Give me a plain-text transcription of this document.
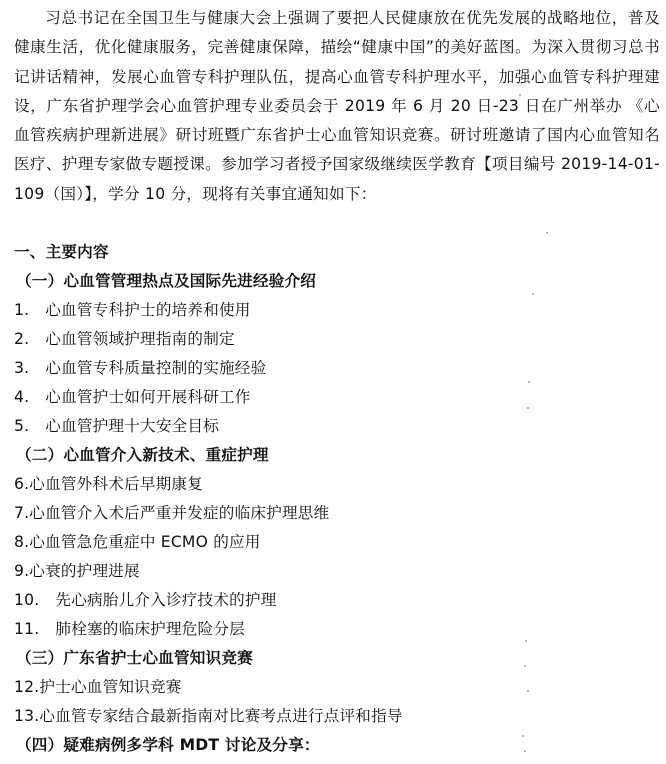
习总书记在全国卫生与健康大会上强调了要把人民健康放在优先发展的战略地位，普及健康生活，优化健康服务，完善健康保障，描绘“健康中国”的美好蓝图。为深入贯彻习总书记讲话精神，发展心血管专科护理队伍，提高心血管专科护理水平，加强心血管专科护理建设，广东省护理学会心血管护理专业委员会于 2019 年 6 月 20 日-23 日在广州举办 《心血管疾病护理新进展》研讨班暨广东省护士心血管知识竞赛。研讨班邀请了国内心血管知名医疗、护理专家做专题授课。参加学习者授予国家级继续医学教育【项目编号 2019-14-01-109（国）】，学分 10 分，现将有关事宜通知如下：
一、主要内容
（一）心血管管理热点及国际先进经验介绍
1. 心血管专科护士的培养和使用
2. 心血管领域护理指南的制定
3. 心血管专科质量控制的实施经验
4. 心血管护士如何开展科研工作
5. 心血管护理十大安全目标
（二）心血管介入新技术、重症护理
6.心血管外科术后早期康复
7.心血管介入术后严重并发症的临床护理思维
8.心血管急危重症中 ECMO 的应用
9.心衰的护理进展
10. 先心病胎儿介入诊疗技术的护理
11. 肺栓塞的临床护理危险分层
（三）广东省护士心血管知识竞赛
12.护士心血管知识竞赛
13.心血管专家结合最新指南对比赛考点进行点评和指导
（四）疑难病例多学科 MDT 讨论及分享：
